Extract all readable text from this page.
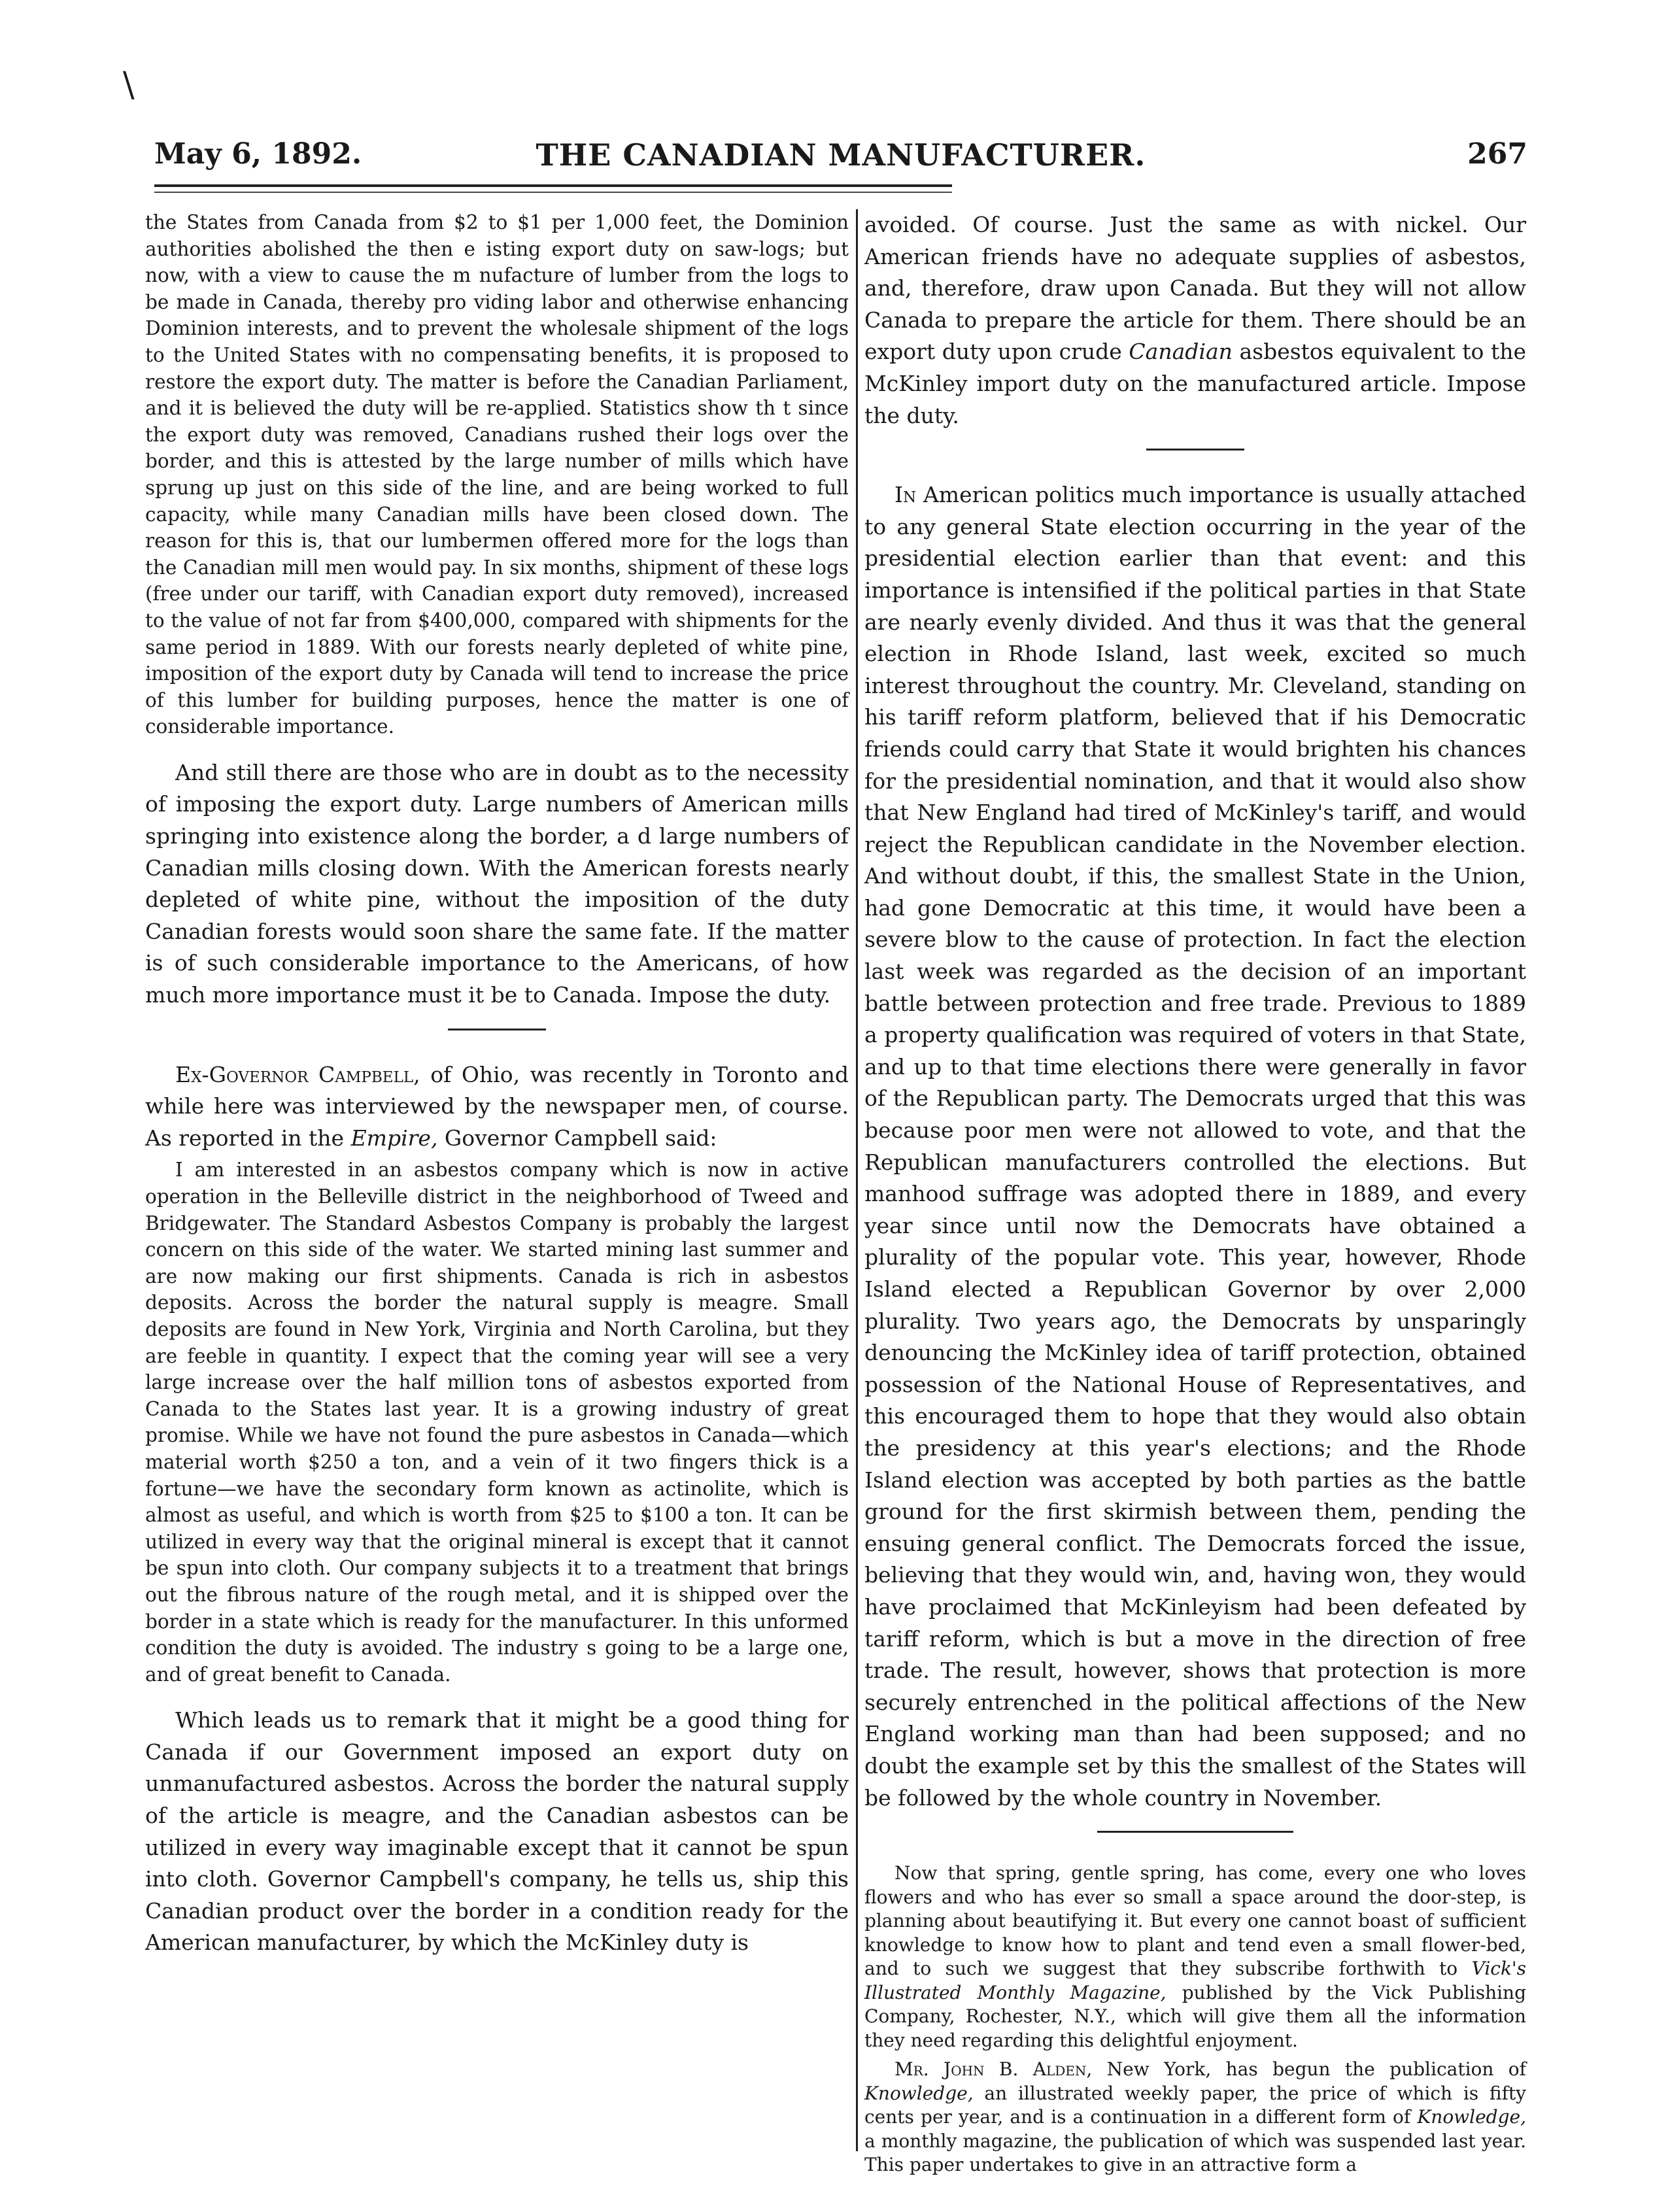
\
THE CANADIAN MANUFACTURER.
May 6, 1892.	267

the States from Canada from $2 to $1 per 1,000 feet, the Dominion authorities abolished the then e isting export duty on saw-logs; but now, with a view to cause the m nufacture of lumber from the logs to be made in Canada, thereby pro viding labor and otherwise enhancing Dominion interests, and to prevent the wholesale shipment of the logs to the United States with no compensating benefits, it is proposed to restore the export duty. The matter is before the Canadian Parliament, and it is believed the duty will be re-applied. Statistics show th t since the export duty was removed, Canadians rushed their logs over the border, and this is attested by the large number of mills which have sprung up just on this side of the line, and are being worked to full capacity, while many Canadian mills have been closed down. The reason for this is, that our lumbermen offered more for the logs than the Canadian mill men would pay. In six months, shipment of these logs (free under our tariff, with Canadian export duty removed), increased to the value of not far from $400,000, compared with shipments for the same period in 1889. With our forests nearly depleted of white pine, imposition of the export duty by Canada will tend to increase the price of this lumber for building purposes, hence the matter is one of considerable importance.

And still there are those who are in doubt as to the necessity of imposing the export duty. Large numbers of American mills springing into existence along the border, a d large numbers of Canadian mills closing down. With the American forests nearly depleted of white pine, without the imposition of the duty Canadian forests would soon share the same fate. If the matter is of such considerable importance to the Americans, of how much more importance must it be to Canada. Impose the duty.

Ex-Governor Campbell, of Ohio, was recently in Toronto and while here was interviewed by the newspaper men, of course. As reported in the Empire, Governor Campbell said:

I am interested in an asbestos company which is now in active operation in the Belleville district in the neighborhood of Tweed and Bridgewater. The Standard Asbestos Company is probably the largest concern on this side of the water. We started mining last summer and are now making our first shipments. Canada is rich in asbestos deposits. Across the border the natural supply is meagre. Small deposits are found in New York, Virginia and North Carolina, but they are feeble in quantity. I expect that the coming year will see a very large increase over the half million tons of asbestos exported from Canada to the States last year. It is a growing industry of great promise. While we have not found the pure asbestos in Canada—which material worth $250 a ton, and a vein of it two fingers thick is a fortune—we have the secondary form known as actinolite, which is almost as useful, and which is worth from $25 to $100 a ton. It can be utilized in every way that the original mineral is except that it cannot be spun into cloth. Our company subjects it to a treatment that brings out the fibrous nature of the rough metal, and it is shipped over the border in a state which is ready for the manufacturer. In this unformed condition the duty is avoided. The industry s going to be a large one, and of great benefit to Canada.

Which leads us to remark that it might be a good thing for Canada if our Government imposed an export duty on unmanufactured asbestos. Across the border the natural supply of the article is meagre, and the Canadian asbestos can be utilized in every way imaginable except that it cannot be spun into cloth. Governor Campbell's company, he tells us, ship this Canadian product over the border in a condition ready for the American manufacturer, by which the McKinley duty is

avoided. Of course. Just the same as with nickel. Our American friends have no adequate supplies of asbestos, and, therefore, draw upon Canada. But they will not allow Canada to prepare the article for them. There should be an export duty upon crude Canadian asbestos equivalent to the McKinley import duty on the manufactured article. Impose the duty.

In American politics much importance is usually attached to any general State election occurring in the year of the presidential election earlier than that event: and this importance is intensified if the political parties in that State are nearly evenly divided. And thus it was that the general election in Rhode Island, last week, excited so much interest throughout the country. Mr. Cleveland, standing on his tariff reform platform, believed that if his Democratic friends could carry that State it would brighten his chances for the presidential nomination, and that it would also show that New England had tired of McKinley's tariff, and would reject the Republican candidate in the November election. And without doubt, if this, the smallest State in the Union, had gone Democratic at this time, it would have been a severe blow to the cause of protection. In fact the election last week was regarded as the decision of an important battle between protection and free trade. Previous to 1889 a property qualification was required of voters in that State, and up to that time elections there were generally in favor of the Republican party. The Democrats urged that this was because poor men were not allowed to vote, and that the Republican manufacturers controlled the elections. But manhood suffrage was adopted there in 1889, and every year since until now the Democrats have obtained a plurality of the popular vote. This year, however, Rhode Island elected a Republican Governor by over 2,000 plurality. Two years ago, the Democrats by unsparingly denouncing the McKinley idea of tariff protection, obtained possession of the National House of Representatives, and this encouraged them to hope that they would also obtain the presidency at this year's elections; and the Rhode Island election was accepted by both parties as the battle ground for the first skirmish between them, pending the ensuing general conflict. The Democrats forced the issue, believing that they would win, and, having won, they would have proclaimed that McKinleyism had been defeated by tariff reform, which is but a move in the direction of free trade. The result, however, shows that protection is more securely entrenched in the political affections of the New England working man than had been supposed; and no doubt the example set by this the smallest of the States will be followed by the whole country in November.

Now that spring, gentle spring, has come, every one who loves flowers and who has ever so small a space around the door-step, is planning about beautifying it. But every one cannot boast of sufficient knowledge to know how to plant and tend even a small flower-bed, and to such we suggest that they subscribe forthwith to Vick's Illustrated Monthly Magazine, published by the Vick Publishing Company, Rochester, N.Y., which will give them all the information they need regarding this delightful enjoyment.

Mr. John B. Alden, New York, has begun the publication of Knowledge, an illustrated weekly paper, the price of which is fifty cents per year, and is a continuation in a different form of Knowledge, a monthly magazine, the publication of which was suspended last year. This paper undertakes to give in an attractive form a
